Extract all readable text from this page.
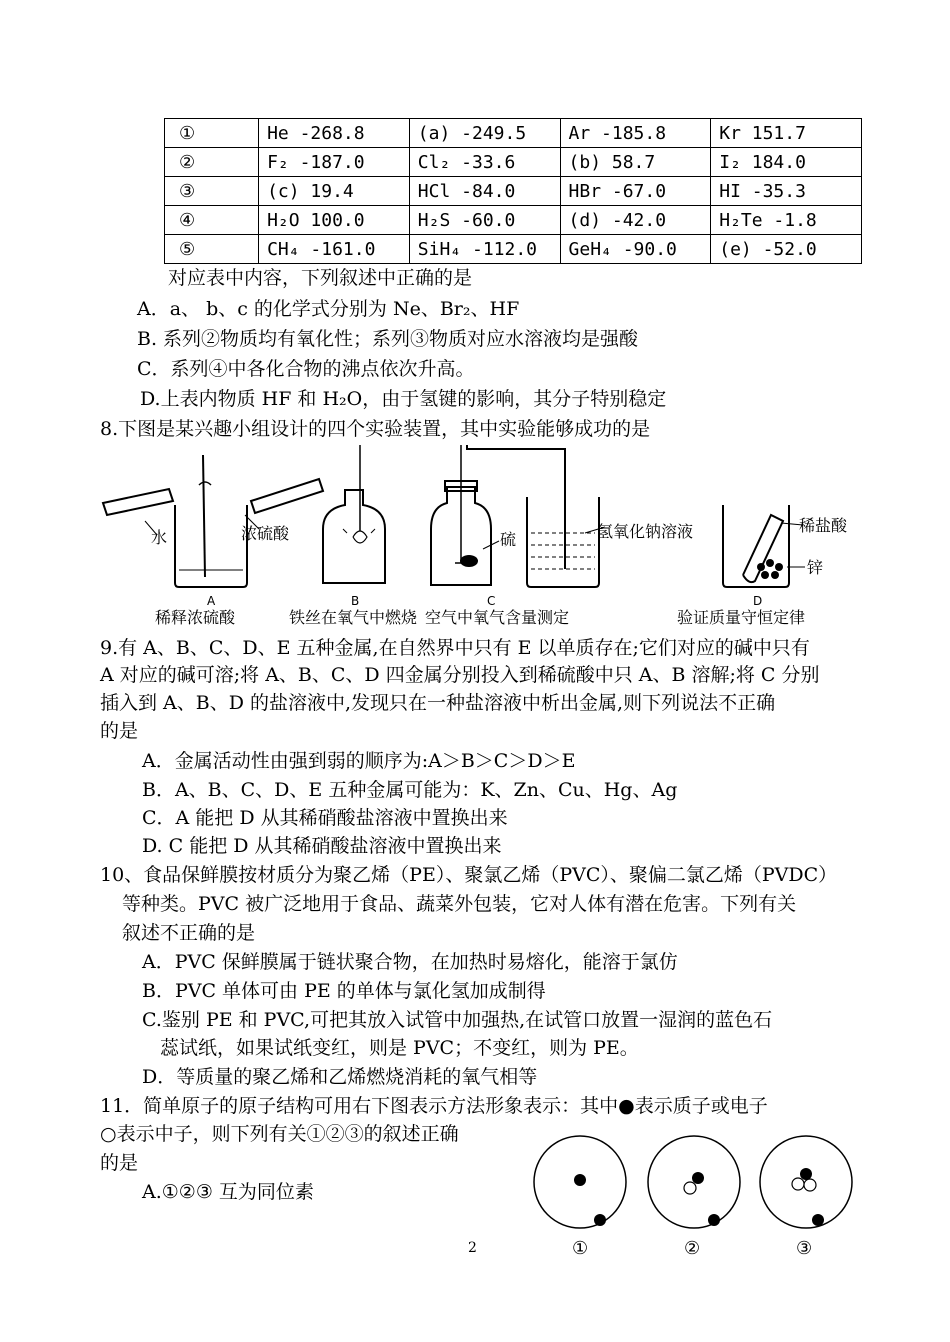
①	He -268.8	(a) -249.5	Ar -185.8	Kr 151.7
②	F₂ -187.0	Cl₂ -33.6	(b) 58.7	I₂ 184.0
③	(c) 19.4	HCl -84.0	HBr -67.0	HI -35.3
④	H₂O 100.0	H₂S -60.0	(d) -42.0	H₂Te -1.8
⑤	CH₄ -161.0	SiH₄ -112.0	GeH₄ -90.0	(e) -52.0
对应表中内容，下列叙述中正确的是
A．a、 b、c 的化学式分别为 Ne、Br₂、HF
B. 系列②物质均有氧化性；系列③物质对应水溶液均是强酸
C．系列④中各化合物的沸点依次升高。
D.上表内物质 HF 和 H₂O，由于氢键的影响，其分子特别稳定
8.下图是某兴趣小组设计的四个实验装置，其中实验能够成功的是
水	浓硫酸	硫	氢氧化钠溶液	稀盐酸
锌
A
稀释浓硫酸
B
铁丝在氧气中燃烧
C
空气中氧气含量测定
D
验证质量守恒定律
9.有 A、B、C、D、E 五种金属,在自然界中只有 E 以单质存在;它们对应的碱中只有
A 对应的碱可溶;将 A、B、C、D 四金属分别投入到稀硫酸中只 A、B 溶解;将 C 分别
插入到 A、B、D 的盐溶液中,发现只在一种盐溶液中析出金属,则下列说法不正确
的是
A．金属活动性由强到弱的顺序为:A＞B＞C＞D＞E
B．A、B、C、D、E 五种金属可能为：K、Zn、Cu、Hg、Ag
C．A 能把 D 从其稀硝酸盐溶液中置换出来
D. C 能把 D 从其稀硝酸盐溶液中置换出来
10、食品保鲜膜按材质分为聚乙烯（PE）、聚氯乙烯（PVC）、聚偏二氯乙烯（PVDC）
等种类。PVC 被广泛地用于食品、蔬菜外包装，它对人体有潜在危害。下列有关
叙述不正确的是
A．PVC 保鲜膜属于链状聚合物，在加热时易熔化，能溶于氯仿
B．PVC 单体可由 PE 的单体与氯化氢加成制得
C.鉴别 PE 和 PVC,可把其放入试管中加强热,在试管口放置一湿润的蓝色石
蕊试纸，如果试纸变红，则是 PVC；不变红，则为 PE。
D．等质量的聚乙烯和乙烯燃烧消耗的氧气相等
11．简单原子的原子结构可用右下图表示方法形象表示：其中●表示质子或电子
○表示中子，则下列有关①②③的叙述正确
的是
A.①②③ 互为同位素
①	②	③
2
